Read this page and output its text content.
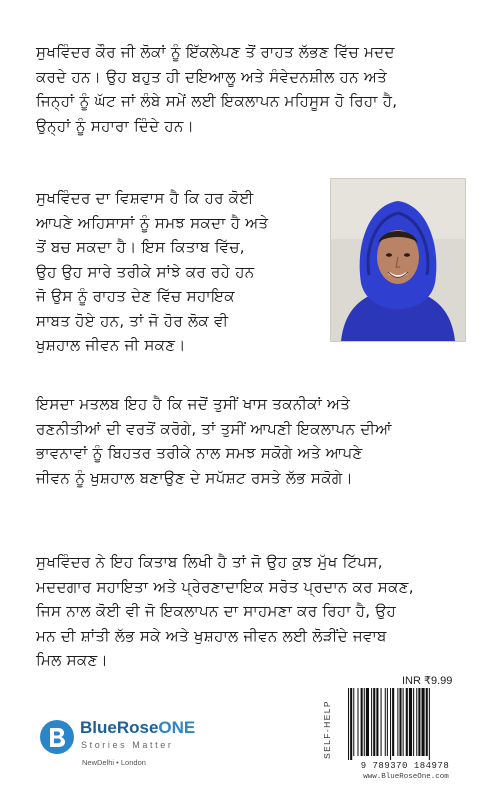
ਸੁਖਵਿੰਦਰ ਕੌਰ ਜੀ ਲੋਕਾਂ ਨੂੰ ਇੱਕਲੇਪਣ ਤੋਂ ਰਾਹਤ ਲੱਭਣ ਵਿੱਚ ਮਦਦ
ਕਰਦੇ ਹਨ। ਉਹ ਬਹੁਤ ਹੀ ਦਇਆਲੂ ਅਤੇ ਸੰਵੇਦਨਸ਼ੀਲ ਹਨ ਅਤੇ
ਜਿਨ੍ਹਾਂ ਨੂੰ ਘੱਟ ਜਾਂ ਲੰਬੇ ਸਮੇਂ ਲਈ ਇਕਲਾਪਨ ਮਹਿਸੂਸ ਹੋ ਰਿਹਾ ਹੈ,
ਉਨ੍ਹਾਂ ਨੂੰ ਸਹਾਰਾ ਦਿੰਦੇ ਹਨ।
ਸੁਖਵਿੰਦਰ ਦਾ ਵਿਸ਼ਵਾਸ ਹੈ ਕਿ ਹਰ ਕੋਈ
ਆਪਣੇ ਅਹਿਸਾਸਾਂ ਨੂੰ ਸਮਝ ਸਕਦਾ ਹੈ ਅਤੇ
ਤੋਂ ਬਚ ਸਕਦਾ ਹੈ। ਇਸ ਕਿਤਾਬ ਵਿੱਚ,
ਉਹ ਉਹ ਸਾਰੇ ਤਰੀਕੇ ਸਾਂਝੇ ਕਰ ਰਹੇ ਹਨ
ਜੋ ਉਸ ਨੂੰ ਰਾਹਤ ਦੇਣ ਵਿੱਚ ਸਹਾਇਕ
ਸਾਬਤ ਹੋਏ ਹਨ, ਤਾਂ ਜੋ ਹੋਰ ਲੋਕ ਵੀ
ਖੁਸ਼ਹਾਲ ਜੀਵਨ ਜੀ ਸਕਣ।
ਇਸਦਾ ਮਤਲਬ ਇਹ ਹੈ ਕਿ ਜਦੋਂ ਤੁਸੀਂ ਖਾਸ ਤਕਨੀਕਾਂ ਅਤੇ
ਰਣਨੀਤੀਆਂ ਦੀ ਵਰਤੋਂ ਕਰੋਗੇ, ਤਾਂ ਤੁਸੀਂ ਆਪਣੀ ਇਕਲਾਪਨ ਦੀਆਂ
ਭਾਵਨਾਵਾਂ ਨੂੰ ਬਿਹਤਰ ਤਰੀਕੇ ਨਾਲ ਸਮਝ ਸਕੋਗੇ ਅਤੇ ਆਪਣੇ
ਜੀਵਨ ਨੂੰ ਖੁਸ਼ਹਾਲ ਬਣਾਉਣ ਦੇ ਸਪੱਸ਼ਟ ਰਸਤੇ ਲੱਭ ਸਕੋਗੇ।
ਸੁਖਵਿੰਦਰ ਨੇ ਇਹ ਕਿਤਾਬ ਲਿਖੀ ਹੈ ਤਾਂ ਜੋ ਉਹ ਕੁਝ ਮੁੱਖ ਟਿੱਪਸ,
ਮਦਦਗਾਰ ਸਹਾਇਤਾ ਅਤੇ ਪ੍ਰੇਰਣਾਦਾਇਕ ਸਰੋਤ ਪ੍ਰਦਾਨ ਕਰ ਸਕਣ,
ਜਿਸ ਨਾਲ ਕੋਈ ਵੀ ਜੋ ਇਕਲਾਪਨ ਦਾ ਸਾਹਮਣਾ ਕਰ ਰਿਹਾ ਹੈ, ਉਹ
ਮਨ ਦੀ ਸ਼ਾਂਤੀ ਲੱਭ ਸਕੇ ਅਤੇ ਖੁਸ਼ਹਾਲ ਜੀਵਨ ਲਈ ਲੋੜੀਂਦੇ ਜਵਾਬ
ਮਿਲ ਸਕਣ।
BlueRoseONE
Stories Matter
NewDelhi • London
SELF-HELP
INR ₹9.99
9 789370 184978
www.BlueRoseOne.com
